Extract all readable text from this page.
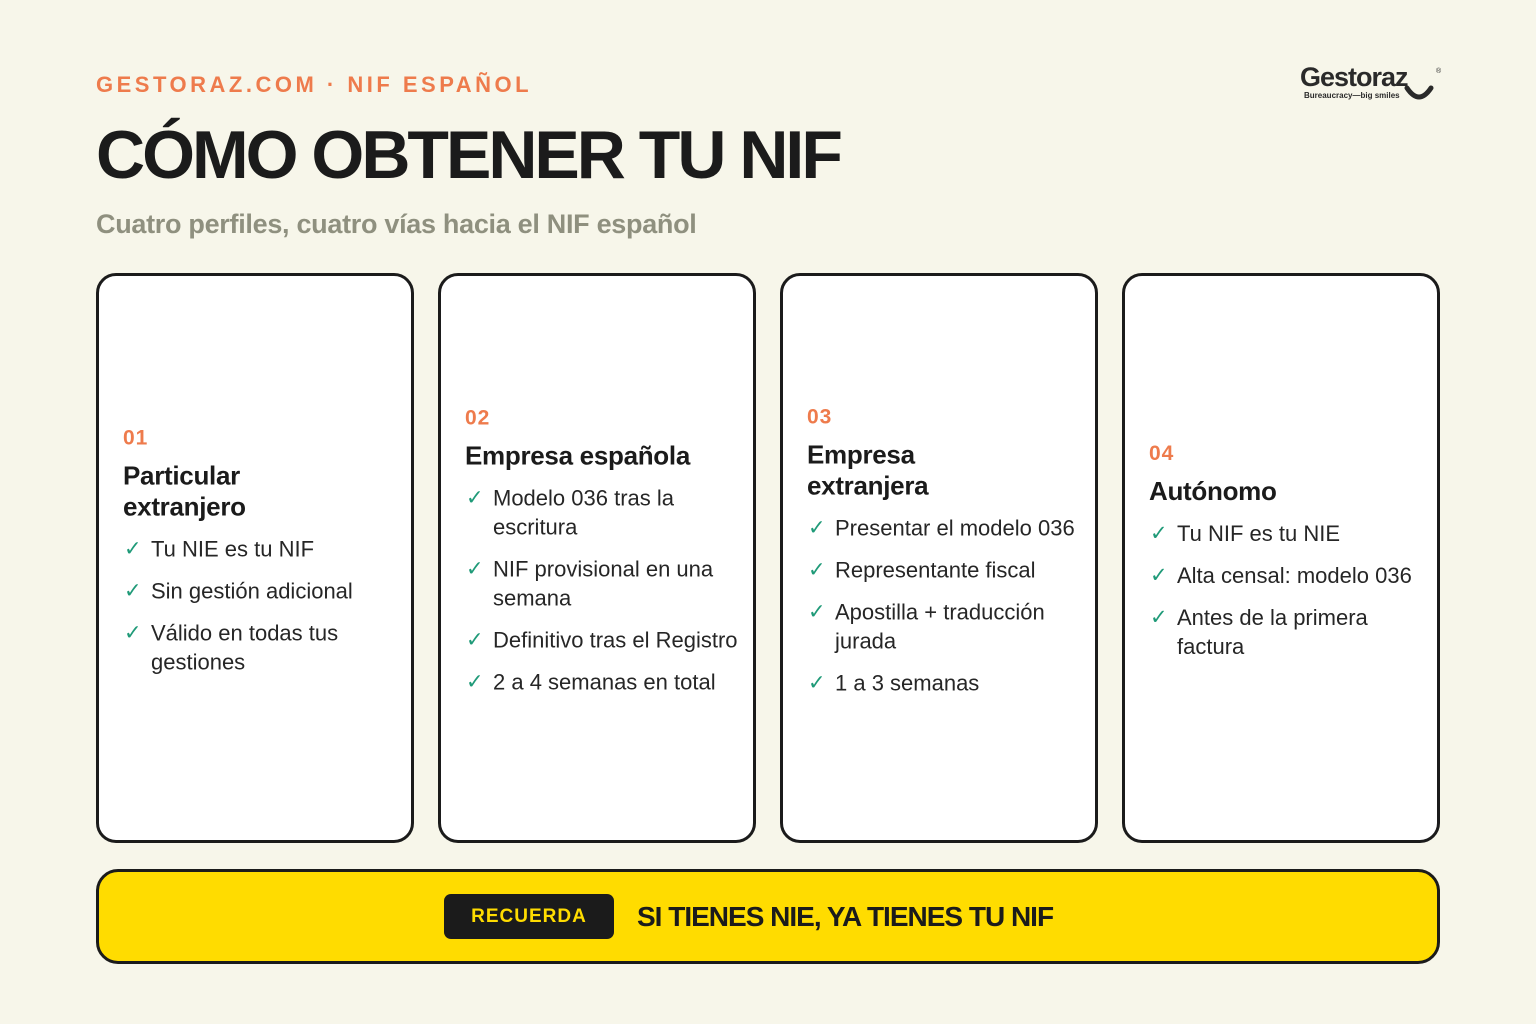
GESTORAZ.COM · NIF ESPAÑOL
CÓMO OBTENER TU NIF
Cuatro perfiles, cuatro vías hacia el NIF español
Gestoraz	®
Bureaucracy—big smiles
01
Particular extranjero
✓ Tu NIE es tu NIF
✓ Sin gestión adicional
✓ Válido en todas tus gestiones
02
Empresa española
✓ Modelo 036 tras la escritura
✓ NIF provisional en una semana
✓ Definitivo tras el Registro
✓ 2 a 4 semanas en total
03
Empresa extranjera
✓ Presentar el modelo 036
✓ Representante fiscal
✓ Apostilla + traducción jurada
✓ 1 a 3 semanas
04
Autónomo
✓ Tu NIF es tu NIE
✓ Alta censal: modelo 036
✓ Antes de la primera factura
RECUERDA	SI TIENES NIE, YA TIENES TU NIF
